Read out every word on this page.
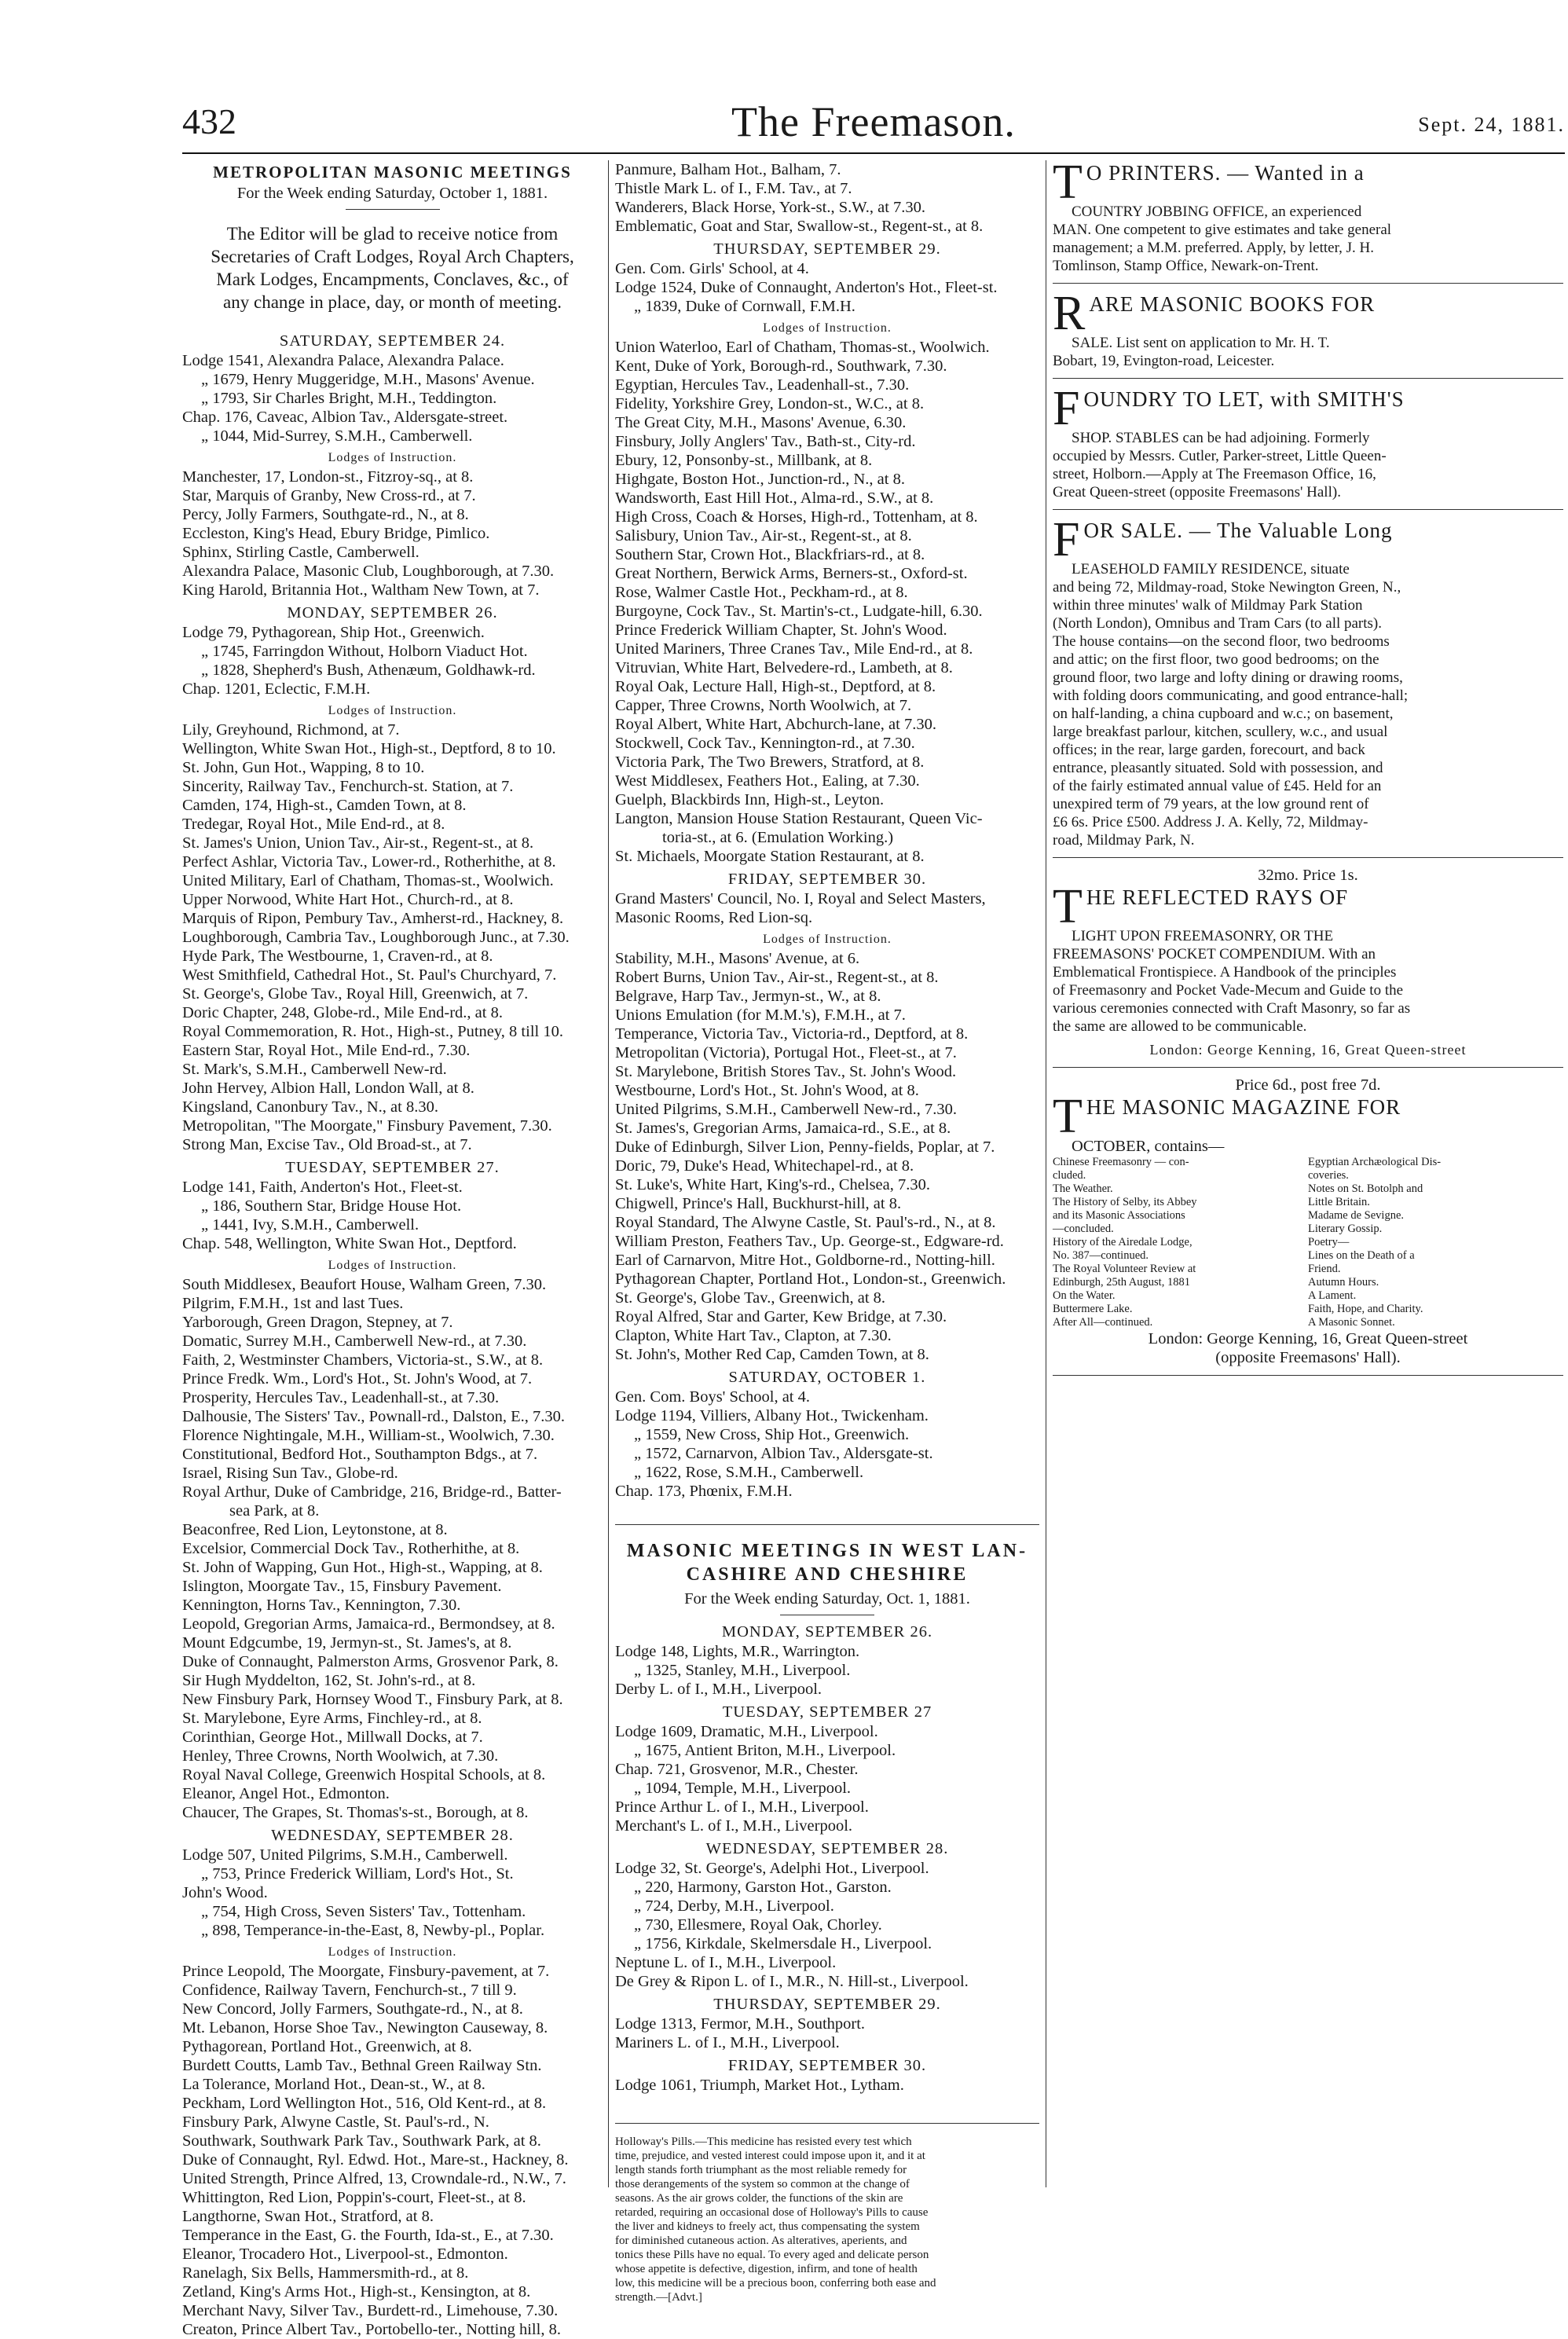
432	The Freemason.	Sept. 24, 1881.
METROPOLITAN MASONIC MEETINGS
For the Week ending Saturday, October 1, 1881.
The Editor will be glad to receive notice from
Secretaries of Craft Lodges, Royal Arch Chapters,
Mark Lodges, Encampments, Conclaves, &c., of
any change in place, day, or month of meeting.
SATURDAY, SEPTEMBER 24.
Lodge 1541, Alexandra Palace, Alexandra Palace.
„ 1679, Henry Muggeridge, M.H., Masons' Avenue.
„ 1793, Sir Charles Bright, M.H., Teddington.
Chap. 176, Caveac, Albion Tav., Aldersgate-street.
„ 1044, Mid-Surrey, S.M.H., Camberwell.
Lodges of Instruction.
Manchester, 17, London-st., Fitzroy-sq., at 8.
Star, Marquis of Granby, New Cross-rd., at 7.
Percy, Jolly Farmers, Southgate-rd., N., at 8.
Eccleston, King's Head, Ebury Bridge, Pimlico.
Sphinx, Stirling Castle, Camberwell.
Alexandra Palace, Masonic Club, Loughborough, at 7.30.
King Harold, Britannia Hot., Waltham New Town, at 7.
MONDAY, SEPTEMBER 26.
Lodge 79, Pythagorean, Ship Hot., Greenwich.
„ 1745, Farringdon Without, Holborn Viaduct Hot.
„ 1828, Shepherd's Bush, Athenæum, Goldhawk-rd.
Chap. 1201, Eclectic, F.M.H.
Lodges of Instruction.
Lily, Greyhound, Richmond, at 7.
Wellington, White Swan Hot., High-st., Deptford, 8 to 10.
St. John, Gun Hot., Wapping, 8 to 10.
Sincerity, Railway Tav., Fenchurch-st. Station, at 7.
Camden, 174, High-st., Camden Town, at 8.
Tredegar, Royal Hot., Mile End-rd., at 8.
St. James's Union, Union Tav., Air-st., Regent-st., at 8.
Perfect Ashlar, Victoria Tav., Lower-rd., Rotherhithe, at 8.
United Military, Earl of Chatham, Thomas-st., Woolwich.
Upper Norwood, White Hart Hot., Church-rd., at 8.
Marquis of Ripon, Pembury Tav., Amherst-rd., Hackney, 8.
Loughborough, Cambria Tav., Loughborough Junc., at 7.30.
Hyde Park, The Westbourne, 1, Craven-rd., at 8.
West Smithfield, Cathedral Hot., St. Paul's Churchyard, 7.
St. George's, Globe Tav., Royal Hill, Greenwich, at 7.
Doric Chapter, 248, Globe-rd., Mile End-rd., at 8.
Royal Commemoration, R. Hot., High-st., Putney, 8 till 10.
Eastern Star, Royal Hot., Mile End-rd., 7.30.
St. Mark's, S.M.H., Camberwell New-rd.
John Hervey, Albion Hall, London Wall, at 8.
Kingsland, Canonbury Tav., N., at 8.30.
Metropolitan, "The Moorgate," Finsbury Pavement, 7.30.
Strong Man, Excise Tav., Old Broad-st., at 7.
TUESDAY, SEPTEMBER 27.
Lodge 141, Faith, Anderton's Hot., Fleet-st.
„ 186, Southern Star, Bridge House Hot.
„ 1441, Ivy, S.M.H., Camberwell.
Chap. 548, Wellington, White Swan Hot., Deptford.
Lodges of Instruction.
South Middlesex, Beaufort House, Walham Green, 7.30.
Pilgrim, F.M.H., 1st and last Tues.
Yarborough, Green Dragon, Stepney, at 7.
Domatic, Surrey M.H., Camberwell New-rd., at 7.30.
Faith, 2, Westminster Chambers, Victoria-st., S.W., at 8.
Prince Fredk. Wm., Lord's Hot., St. John's Wood, at 7.
Prosperity, Hercules Tav., Leadenhall-st., at 7.30.
Dalhousie, The Sisters' Tav., Pownall-rd., Dalston, E., 7.30.
Florence Nightingale, M.H., William-st., Woolwich, 7.30.
Constitutional, Bedford Hot., Southampton Bdgs., at 7.
Israel, Rising Sun Tav., Globe-rd.
Royal Arthur, Duke of Cambridge, 216, Bridge-rd., Batter-
sea Park, at 8.
Beaconfree, Red Lion, Leytonstone, at 8.
Excelsior, Commercial Dock Tav., Rotherhithe, at 8.
St. John of Wapping, Gun Hot., High-st., Wapping, at 8.
Islington, Moorgate Tav., 15, Finsbury Pavement.
Kennington, Horns Tav., Kennington, 7.30.
Leopold, Gregorian Arms, Jamaica-rd., Bermondsey, at 8.
Mount Edgcumbe, 19, Jermyn-st., St. James's, at 8.
Duke of Connaught, Palmerston Arms, Grosvenor Park, 8.
Sir Hugh Myddelton, 162, St. John's-rd., at 8.
New Finsbury Park, Hornsey Wood T., Finsbury Park, at 8.
St. Marylebone, Eyre Arms, Finchley-rd., at 8.
Corinthian, George Hot., Millwall Docks, at 7.
Henley, Three Crowns, North Woolwich, at 7.30.
Royal Naval College, Greenwich Hospital Schools, at 8.
Eleanor, Angel Hot., Edmonton.
Chaucer, The Grapes, St. Thomas's-st., Borough, at 8.
WEDNESDAY, SEPTEMBER 28.
Lodge 507, United Pilgrims, S.M.H., Camberwell.
„ 753, Prince Frederick William, Lord's Hot., St.
John's Wood.
„ 754, High Cross, Seven Sisters' Tav., Tottenham.
„ 898, Temperance-in-the-East, 8, Newby-pl., Poplar.
Lodges of Instruction.
Prince Leopold, The Moorgate, Finsbury-pavement, at 7.
Confidence, Railway Tavern, Fenchurch-st., 7 till 9.
New Concord, Jolly Farmers, Southgate-rd., N., at 8.
Mt. Lebanon, Horse Shoe Tav., Newington Causeway, 8.
Pythagorean, Portland Hot., Greenwich, at 8.
Burdett Coutts, Lamb Tav., Bethnal Green Railway Stn.
La Tolerance, Morland Hot., Dean-st., W., at 8.
Peckham, Lord Wellington Hot., 516, Old Kent-rd., at 8.
Finsbury Park, Alwyne Castle, St. Paul's-rd., N.
Southwark, Southwark Park Tav., Southwark Park, at 8.
Duke of Connaught, Ryl. Edwd. Hot., Mare-st., Hackney, 8.
United Strength, Prince Alfred, 13, Crowndale-rd., N.W., 7.
Whittington, Red Lion, Poppin's-court, Fleet-st., at 8.
Langthorne, Swan Hot., Stratford, at 8.
Temperance in the East, G. the Fourth, Ida-st., E., at 7.30.
Eleanor, Trocadero Hot., Liverpool-st., Edmonton.
Ranelagh, Six Bells, Hammersmith-rd., at 8.
Zetland, King's Arms Hot., High-st., Kensington, at 8.
Merchant Navy, Silver Tav., Burdett-rd., Limehouse, 7.30.
Creaton, Prince Albert Tav., Portobello-ter., Notting hill, 8.
Panmure, Balham Hot., Balham, 7.
Thistle Mark L. of I., F.M. Tav., at 7.
Wanderers, Black Horse, York-st., S.W., at 7.30.
Emblematic, Goat and Star, Swallow-st., Regent-st., at 8.
THURSDAY, SEPTEMBER 29.
Gen. Com. Girls' School, at 4.
Lodge 1524, Duke of Connaught, Anderton's Hot., Fleet-st.
„ 1839, Duke of Cornwall, F.M.H.
Lodges of Instruction.
Union Waterloo, Earl of Chatham, Thomas-st., Woolwich.
Kent, Duke of York, Borough-rd., Southwark, 7.30.
Egyptian, Hercules Tav., Leadenhall-st., 7.30.
Fidelity, Yorkshire Grey, London-st., W.C., at 8.
The Great City, M.H., Masons' Avenue, 6.30.
Finsbury, Jolly Anglers' Tav., Bath-st., City-rd.
Ebury, 12, Ponsonby-st., Millbank, at 8.
Highgate, Boston Hot., Junction-rd., N., at 8.
Wandsworth, East Hill Hot., Alma-rd., S.W., at 8.
High Cross, Coach & Horses, High-rd., Tottenham, at 8.
Salisbury, Union Tav., Air-st., Regent-st., at 8.
Southern Star, Crown Hot., Blackfriars-rd., at 8.
Great Northern, Berwick Arms, Berners-st., Oxford-st.
Rose, Walmer Castle Hot., Peckham-rd., at 8.
Burgoyne, Cock Tav., St. Martin's-ct., Ludgate-hill, 6.30.
Prince Frederick William Chapter, St. John's Wood.
United Mariners, Three Cranes Tav., Mile End-rd., at 8.
Vitruvian, White Hart, Belvedere-rd., Lambeth, at 8.
Royal Oak, Lecture Hall, High-st., Deptford, at 8.
Capper, Three Crowns, North Woolwich, at 7.
Royal Albert, White Hart, Abchurch-lane, at 7.30.
Stockwell, Cock Tav., Kennington-rd., at 7.30.
Victoria Park, The Two Brewers, Stratford, at 8.
West Middlesex, Feathers Hot., Ealing, at 7.30.
Guelph, Blackbirds Inn, High-st., Leyton.
Langton, Mansion House Station Restaurant, Queen Vic-
toria-st., at 6. (Emulation Working.)
St. Michaels, Moorgate Station Restaurant, at 8.
FRIDAY, SEPTEMBER 30.
Grand Masters' Council, No. I, Royal and Select Masters,
Masonic Rooms, Red Lion-sq.
Lodges of Instruction.
Stability, M.H., Masons' Avenue, at 6.
Robert Burns, Union Tav., Air-st., Regent-st., at 8.
Belgrave, Harp Tav., Jermyn-st., W., at 8.
Unions Emulation (for M.M.'s), F.M.H., at 7.
Temperance, Victoria Tav., Victoria-rd., Deptford, at 8.
Metropolitan (Victoria), Portugal Hot., Fleet-st., at 7.
St. Marylebone, British Stores Tav., St. John's Wood.
Westbourne, Lord's Hot., St. John's Wood, at 8.
United Pilgrims, S.M.H., Camberwell New-rd., 7.30.
St. James's, Gregorian Arms, Jamaica-rd., S.E., at 8.
Duke of Edinburgh, Silver Lion, Penny-fields, Poplar, at 7.
Doric, 79, Duke's Head, Whitechapel-rd., at 8.
St. Luke's, White Hart, King's-rd., Chelsea, 7.30.
Chigwell, Prince's Hall, Buckhurst-hill, at 8.
Royal Standard, The Alwyne Castle, St. Paul's-rd., N., at 8.
William Preston, Feathers Tav., Up. George-st., Edgware-rd.
Earl of Carnarvon, Mitre Hot., Goldborne-rd., Notting-hill.
Pythagorean Chapter, Portland Hot., London-st., Greenwich.
St. George's, Globe Tav., Greenwich, at 8.
Royal Alfred, Star and Garter, Kew Bridge, at 7.30.
Clapton, White Hart Tav., Clapton, at 7.30.
St. John's, Mother Red Cap, Camden Town, at 8.
SATURDAY, OCTOBER 1.
Gen. Com. Boys' School, at 4.
Lodge 1194, Villiers, Albany Hot., Twickenham.
„ 1559, New Cross, Ship Hot., Greenwich.
„ 1572, Carnarvon, Albion Tav., Aldersgate-st.
„ 1622, Rose, S.M.H., Camberwell.
Chap. 173, Phœnix, F.M.H.
MASONIC MEETINGS IN WEST LAN-
CASHIRE AND CHESHIRE
For the Week ending Saturday, Oct. 1, 1881.
MONDAY, SEPTEMBER 26.
Lodge 148, Lights, M.R., Warrington.
„ 1325, Stanley, M.H., Liverpool.
Derby L. of I., M.H., Liverpool.
TUESDAY, SEPTEMBER 27
Lodge 1609, Dramatic, M.H., Liverpool.
„ 1675, Antient Briton, M.H., Liverpool.
Chap. 721, Grosvenor, M.R., Chester.
„ 1094, Temple, M.H., Liverpool.
Prince Arthur L. of I., M.H., Liverpool.
Merchant's L. of I., M.H., Liverpool.
WEDNESDAY, SEPTEMBER 28.
Lodge 32, St. George's, Adelphi Hot., Liverpool.
„ 220, Harmony, Garston Hot., Garston.
„ 724, Derby, M.H., Liverpool.
„ 730, Ellesmere, Royal Oak, Chorley.
„ 1756, Kirkdale, Skelmersdale H., Liverpool.
Neptune L. of I., M.H., Liverpool.
De Grey & Ripon L. of I., M.R., N. Hill-st., Liverpool.
THURSDAY, SEPTEMBER 29.
Lodge 1313, Fermor, M.H., Southport.
Mariners L. of I., M.H., Liverpool.
FRIDAY, SEPTEMBER 30.
Lodge 1061, Triumph, Market Hot., Lytham.
Holloway's Pills.—This medicine has resisted every test which
time, prejudice, and vested interest could impose upon it, and it at
length stands forth triumphant as the most reliable remedy for
those derangements of the system so common at the change of
seasons. As the air grows colder, the functions of the skin are
retarded, requiring an occasional dose of Holloway's Pills to cause
the liver and kidneys to freely act, thus compensating the system
for diminished cutaneous action. As alteratives, aperients, and
tonics these Pills have no equal. To every aged and delicate person
whose appetite is defective, digestion, infirm, and tone of health
low, this medicine will be a precious boon, conferring both ease and
strength.—[Advt.]
T O PRINTERS. — Wanted in a
COUNTRY JOBBING OFFICE, an experienced
MAN. One competent to give estimates and take general
management; a M.M. preferred. Apply, by letter, J. H.
Tomlinson, Stamp Office, Newark-on-Trent.
RARE MASONIC BOOKS FOR
SALE. List sent on application to Mr. H. T.
Bobart, 19, Evington-road, Leicester.
FOUNDRY TO LET, with SMITH'S
SHOP. STABLES can be had adjoining. Formerly
occupied by Messrs. Cutler, Parker-street, Little Queen-
street, Holborn.—Apply at The Freemason Office, 16,
Great Queen-street (opposite Freemasons' Hall).
FOR SALE. — The Valuable Long
LEASEHOLD FAMILY RESIDENCE, situate
and being 72, Mildmay-road, Stoke Newington Green, N.,
within three minutes' walk of Mildmay Park Station
(North London), Omnibus and Tram Cars (to all parts).
The house contains—on the second floor, two bedrooms
and attic; on the first floor, two good bedrooms; on the
ground floor, two large and lofty dining or drawing rooms,
with folding doors communicating, and good entrance-hall;
on half-landing, a china cupboard and w.c.; on basement,
large breakfast parlour, kitchen, scullery, w.c., and usual
offices; in the rear, large garden, forecourt, and back
entrance, pleasantly situated. Sold with possession, and
of the fairly estimated annual value of £45. Held for an
unexpired term of 79 years, at the low ground rent of
£6 6s. Price £500. Address J. A. Kelly, 72, Mildmay-
road, Mildmay Park, N.
32mo. Price 1s.
THE REFLECTED RAYS OF
LIGHT UPON FREEMASONRY, OR THE
FREEMASONS' POCKET COMPENDIUM. With an
Emblematical Frontispiece. A Handbook of the principles
of Freemasonry and Pocket Vade-Mecum and Guide to the
various ceremonies connected with Craft Masonry, so far as
the same are allowed to be communicable.
London: George Kenning, 16, Great Queen-street
Price 6d., post free 7d.
THE MASONIC MAGAZINE FOR
OCTOBER, contains—
Chinese Freemasonry — con-
cluded.
The Weather.
The History of Selby, its Abbey
and its Masonic Associations
—concluded.
History of the Airedale Lodge,
No. 387—continued.
The Royal Volunteer Review at
Edinburgh, 25th August, 1881
On the Water.
Buttermere Lake.
After All—continued.
Egyptian Archæological Dis-
coveries.
Notes on St. Botolph and
Little Britain.
Madame de Sevigne.
Literary Gossip.
Poetry—
Lines on the Death of a
Friend.
Autumn Hours.
A Lament.
Faith, Hope, and Charity.
A Masonic Sonnet.
London: George Kenning, 16, Great Queen-street
(opposite Freemasons' Hall).
